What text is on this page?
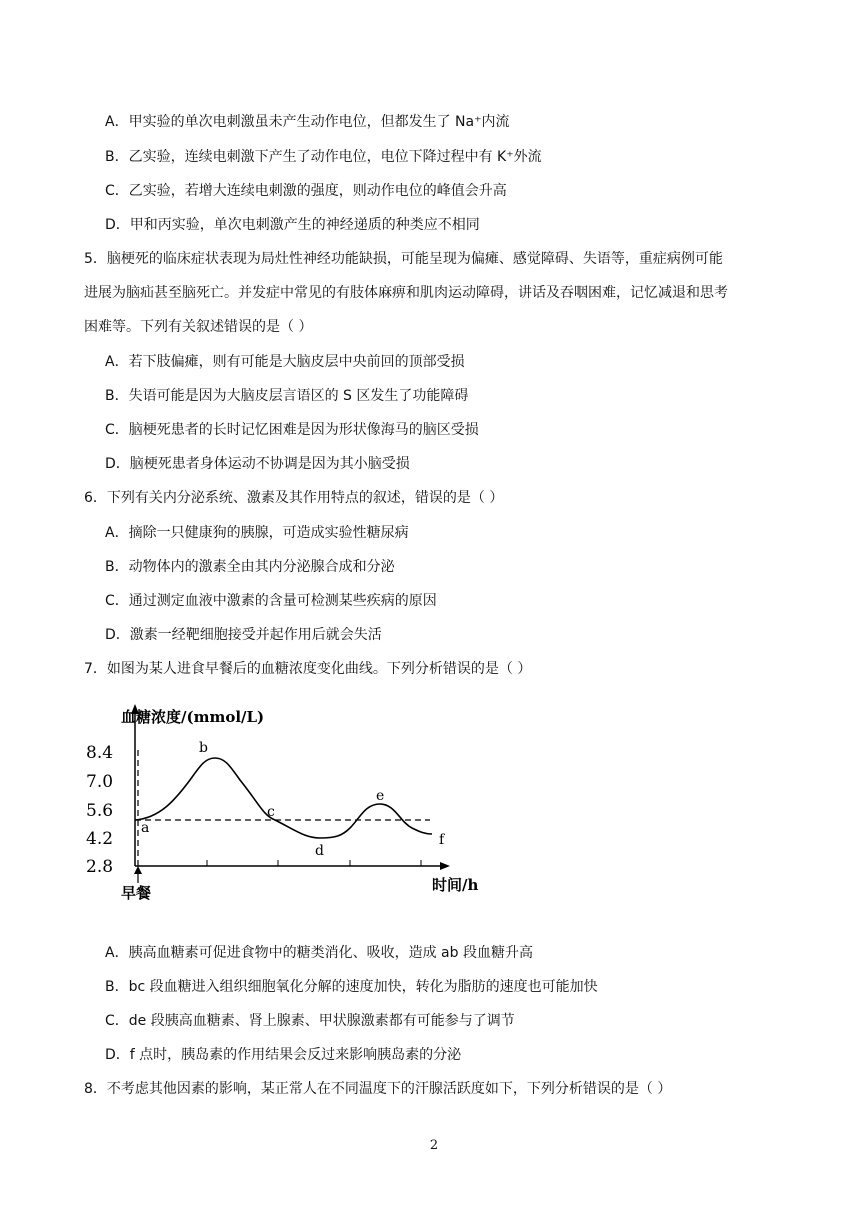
A．甲实验的单次电刺激虽未产生动作电位，但都发生了 Na⁺内流
B．乙实验，连续电刺激下产生了动作电位，电位下降过程中有 K⁺外流
C．乙实验，若增大连续电刺激的强度，则动作电位的峰值会升高
D．甲和丙实验，单次电刺激产生的神经递质的种类应不相同
5．脑梗死的临床症状表现为局灶性神经功能缺损，可能呈现为偏瘫、感觉障碍、失语等，重症病例可能
进展为脑疝甚至脑死亡。并发症中常见的有肢体麻痹和肌肉运动障碍，讲话及吞咽困难，记忆减退和思考
困难等。下列有关叙述错误的是（ ）
A．若下肢偏瘫，则有可能是大脑皮层中央前回的顶部受损
B．失语可能是因为大脑皮层言语区的 S 区发生了功能障碍
C．脑梗死患者的长时记忆困难是因为形状像海马的脑区受损
D．脑梗死患者身体运动不协调是因为其小脑受损
6．下列有关内分泌系统、激素及其作用特点的叙述，错误的是（ ）
A．摘除一只健康狗的胰腺，可造成实验性糖尿病
B．动物体内的激素全由其内分泌腺合成和分泌
C．通过测定血液中激素的含量可检测某些疾病的原因
D．激素一经靶细胞接受并起作用后就会失活
7．如图为某人进食早餐后的血糖浓度变化曲线。下列分析错误的是（ ）
8.4
7.0
5.6
4.2
2.8
血糖浓度/(mmol/L)
时间/h
早餐
a
b
c
d
e
f
A．胰高血糖素可促进食物中的糖类消化、吸收，造成 ab 段血糖升高
B．bc 段血糖进入组织细胞氧化分解的速度加快，转化为脂肪的速度也可能加快
C．de 段胰高血糖素、肾上腺素、甲状腺激素都有可能参与了调节
D．f 点时，胰岛素的作用结果会反过来影响胰岛素的分泌
8．不考虑其他因素的影响，某正常人在不同温度下的汗腺活跃度如下，下列分析错误的是（ ）
2
